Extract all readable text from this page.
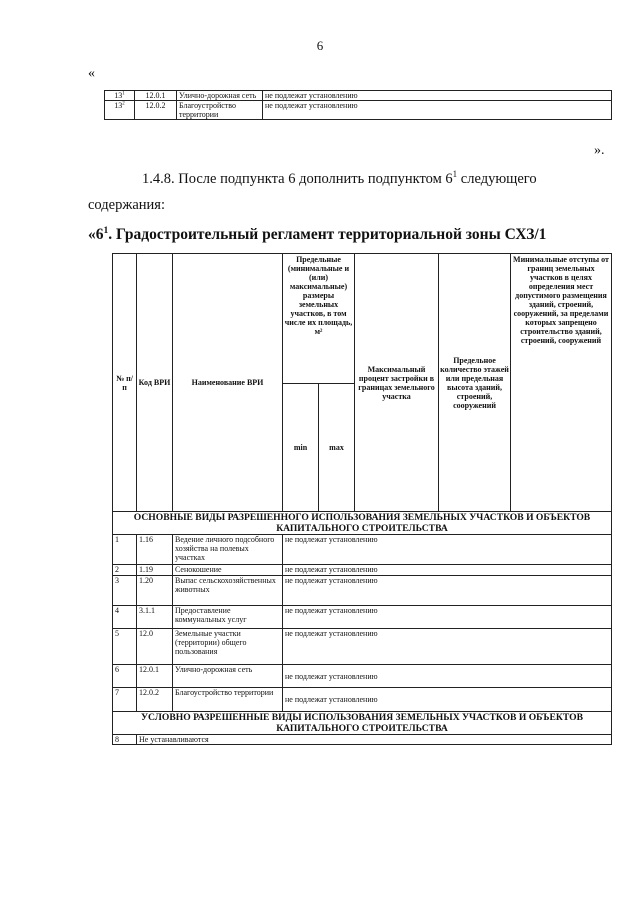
6
«
$13^1$	12.0.1	Улично-дорожная сеть	не подлежат установлению
$13^2$	12.0.2	Благоустройство территории	не подлежат установлению
».
1.4.8. После подпункта 6 дополнить подпунктом $6^1$ следующего содержания:
«$6^1$. Градостроительный регламент территориальной зоны СХЗ/1
№ п/п	Код ВРИ	Наименование ВРИ	Предельные (минимальные и (или) максимальные) размеры земельных участков, в том числе их площадь, м²		Максимальный процент застройки в границах земельного участка	Предельное количество этажей или предельная высота зданий, строений, сооружений	Минимальные отступы от границ земельных участков в целях определения мест допустимого размещения зданий, строений, сооружений, за пределами которых запрещено строительство зданий, строений, сооружений
			min	max			
ОСНОВНЫЕ ВИДЫ РАЗРЕШЕННОГО ИСПОЛЬЗОВАНИЯ ЗЕМЕЛЬНЫХ УЧАСТКОВ И ОБЪЕКТОВ КАПИТАЛЬНОГО СТРОИТЕЛЬСТВА							
1	1.16	Ведение личного подсобного хозяйства на полевых участках	не подлежат установлению				
2	1.19	Сенокошение	не подлежат установлению				
3	1.20	Выпас сельскохозяйственных животных	не подлежат установлению				
4	3.1.1	Предоставление коммунальных услуг	не подлежат установлению				
5	12.0	Земельные участки (территории) общего пользования	не подлежат установлению				
6	12.0.1	Улично-дорожная сеть	не подлежат установлению				
7	12.0.2	Благоустройство территории	не подлежат установлению				
УСЛОВНО РАЗРЕШЕННЫЕ ВИДЫ ИСПОЛЬЗОВАНИЯ ЗЕМЕЛЬНЫХ УЧАСТКОВ И ОБЪЕКТОВ КАПИТАЛЬНОГО СТРОИТЕЛЬСТВА							
8	Не устанавливаются						
